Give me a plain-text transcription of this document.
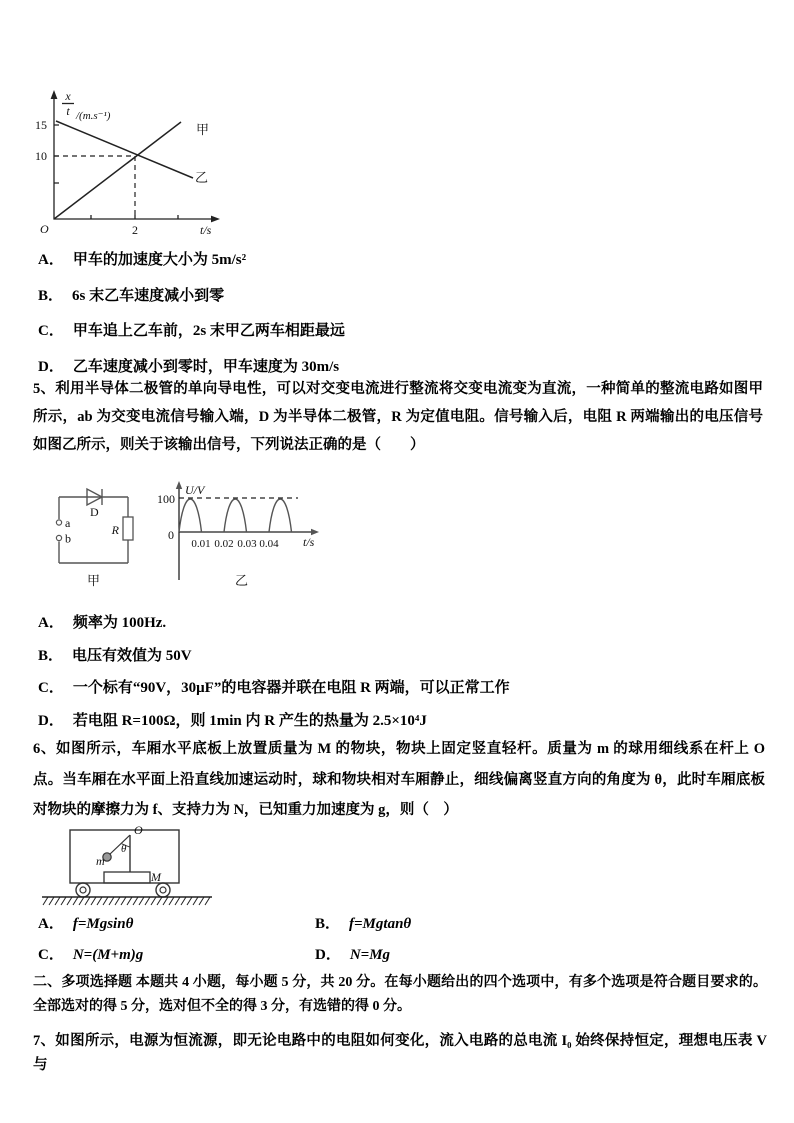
x
t /(m.s⁻¹)
15
10
O	2	t/s
甲
乙
A． 甲车的加速度大小为 5m/s²
B． 6s 末乙车速度减小到零
C． 甲车追上乙车前，2s 末甲乙两车相距最远
D． 乙车速度减小到零时，甲车速度为 30m/s
5、利用半导体二极管的单向导电性，可以对交变电流进行整流将交变电流变为直流，一种简单的整流电路如图甲所示，ab 为交变电流信号输入端，D 为半导体二极管，R 为定值电阻。信号输入后，电阻 R 两端输出的电压信号如图乙所示，则关于该输出信号，下列说法正确的是（　　）
D
a
b
R
甲
U/V
100
0
0.01 0.02 0.03 0.04 t/s
乙
A． 频率为 100Hz.
B． 电压有效值为 50V
C． 一个标有“90V，30μF”的电容器并联在电阻 R 两端，可以正常工作
D． 若电阻 R=100Ω，则 1min 内 R 产生的热量为 2.5×10⁴J
6、如图所示，车厢水平底板上放置质量为 M 的物块，物块上固定竖直轻杆。质量为 m 的球用细线系在杆上 O 点。当车厢在水平面上沿直线加速运动时，球和物块相对车厢静止，细线偏离竖直方向的角度为 θ，此时车厢底板对物块的摩擦力为 f、支持力为 N，已知重力加速度为 g，则（　）
O
θ
m
M
A． f=Mgsinθ	B． f=Mgtanθ
C． N=(M+m)g	D． N=Mg
二、多项选择题 本题共 4 小题，每小题 5 分，共 20 分。在每小题给出的四个选项中，有多个选项是符合题目要求的。全部选对的得 5 分，选对但不全的得 3 分，有选错的得 0 分。
7、如图所示，电源为恒流源，即无论电路中的电阻如何变化，流入电路的总电流 I₀ 始终保持恒定，理想电压表 V 与
